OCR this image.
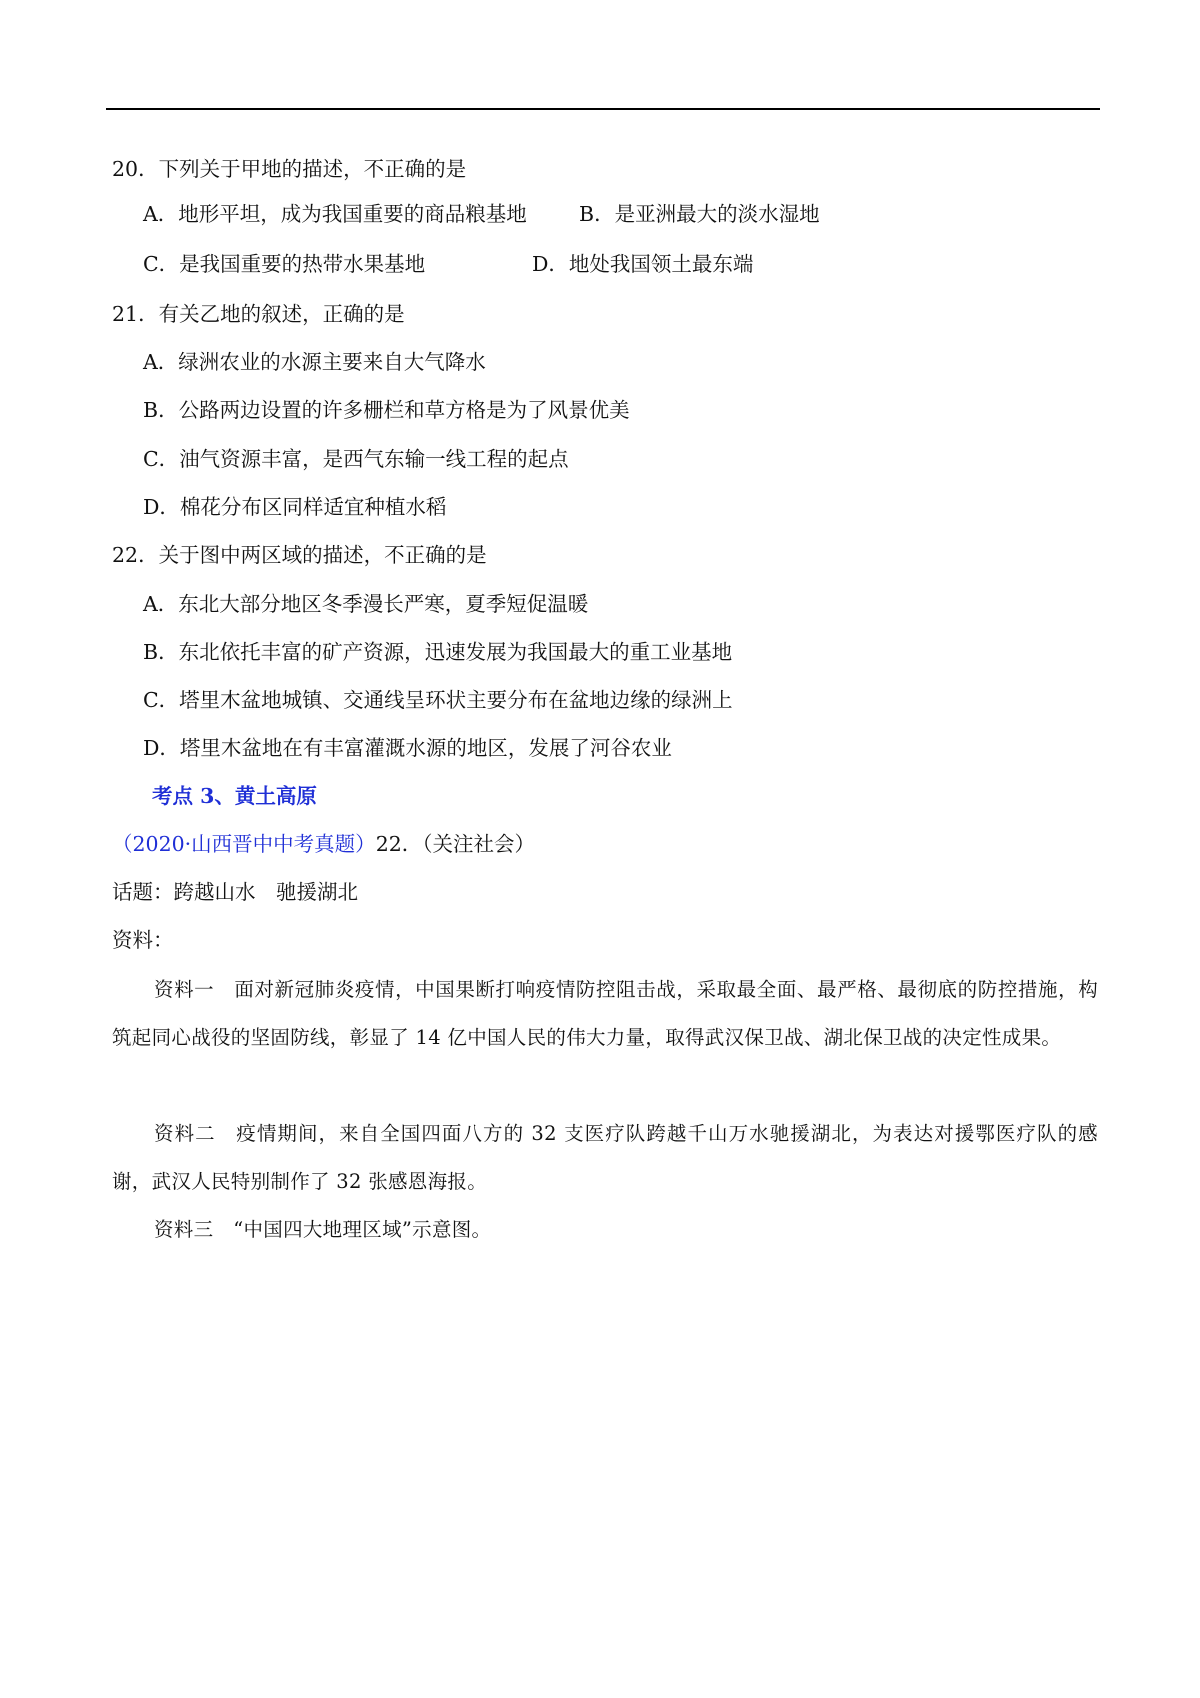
20．下列关于甲地的描述，不正确的是
A．地形平坦，成为我国重要的商品粮基地	B．是亚洲最大的淡水湿地
C．是我国重要的热带水果基地	D．地处我国领土最东端
21．有关乙地的叙述，正确的是
A．绿洲农业的水源主要来自大气降水
B．公路两边设置的许多栅栏和草方格是为了风景优美
C．油气资源丰富，是西气东输一线工程的起点
D．棉花分布区同样适宜种植水稻
22．关于图中两区域的描述，不正确的是
A．东北大部分地区冬季漫长严寒，夏季短促温暖
B．东北依托丰富的矿产资源，迅速发展为我国最大的重工业基地
C．塔里木盆地城镇、交通线呈环状主要分布在盆地边缘的绿洲上
D．塔里木盆地在有丰富灌溉水源的地区，发展了河谷农业
考点 3、黄土高原
（2020·山西晋中中考真题）22．（关注社会）
话题：跨越山水　驰援湖北
资料：
资料一　面对新冠肺炎疫情，中国果断打响疫情防控阻击战，采取最全面、最严格、最彻底的防控措施，构筑起同心战役的坚固防线，彰显了 14 亿中国人民的伟大力量，取得武汉保卫战、湖北保卫战的决定性成果。
资料二　疫情期间，来自全国四面八方的 32 支医疗队跨越千山万水驰援湖北，为表达对援鄂医疗队的感谢，武汉人民特别制作了 32 张感恩海报。
资料三　“中国四大地理区域”示意图。
